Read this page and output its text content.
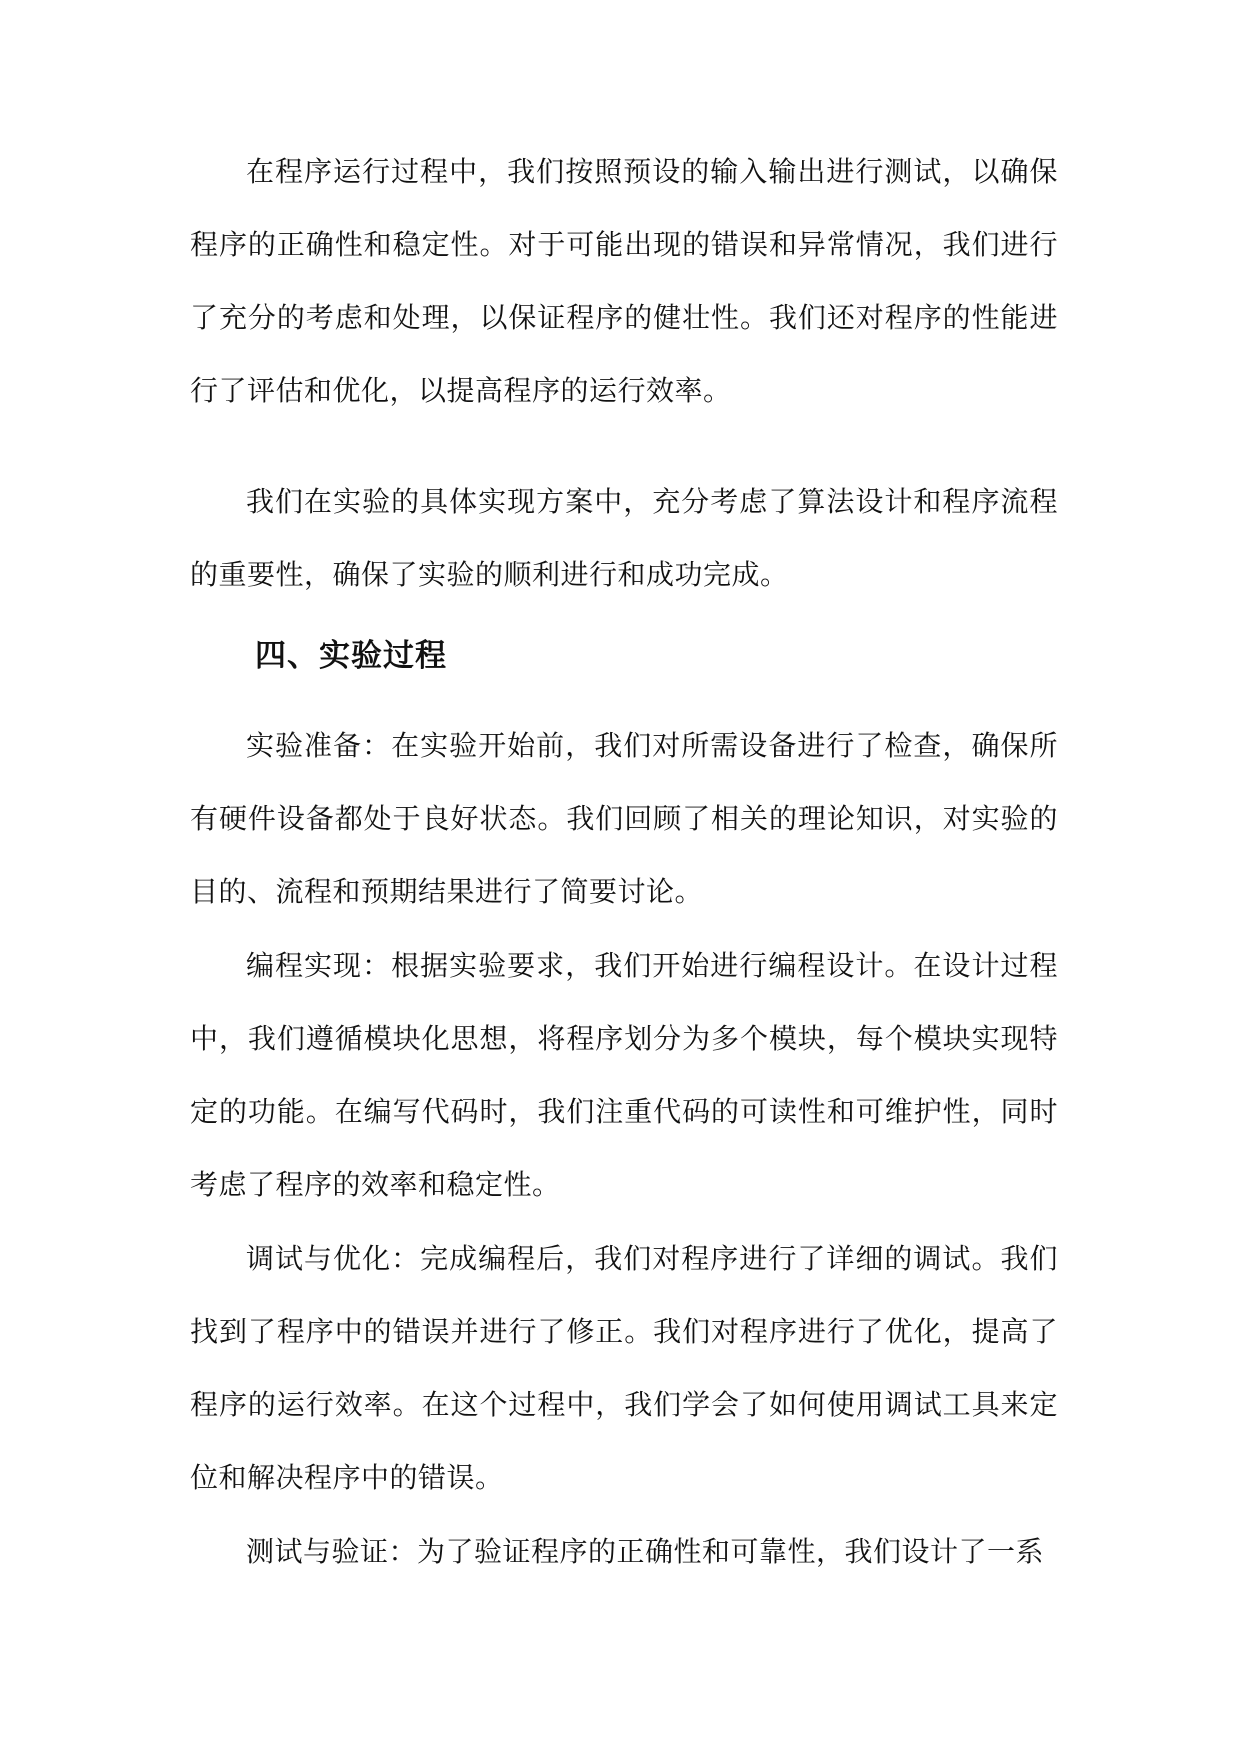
在程序运行过程中，我们按照预设的输入输出进行测试，以确保程序的正确性和稳定性。对于可能出现的错误和异常情况，我们进行了充分的考虑和处理，以保证程序的健壮性。我们还对程序的性能进行了评估和优化，以提高程序的运行效率。

我们在实验的具体实现方案中，充分考虑了算法设计和程序流程的重要性，确保了实验的顺利进行和成功完成。

四、实验过程

实验准备：在实验开始前，我们对所需设备进行了检查，确保所有硬件设备都处于良好状态。我们回顾了相关的理论知识，对实验的目的、流程和预期结果进行了简要讨论。

编程实现：根据实验要求，我们开始进行编程设计。在设计过程中，我们遵循模块化思想，将程序划分为多个模块，每个模块实现特定的功能。在编写代码时，我们注重代码的可读性和可维护性，同时考虑了程序的效率和稳定性。

调试与优化：完成编程后，我们对程序进行了详细的调试。我们找到了程序中的错误并进行了修正。我们对程序进行了优化，提高了程序的运行效率。在这个过程中，我们学会了如何使用调试工具来定位和解决程序中的错误。

测试与验证：为了验证程序的正确性和可靠性，我们设计了一系
